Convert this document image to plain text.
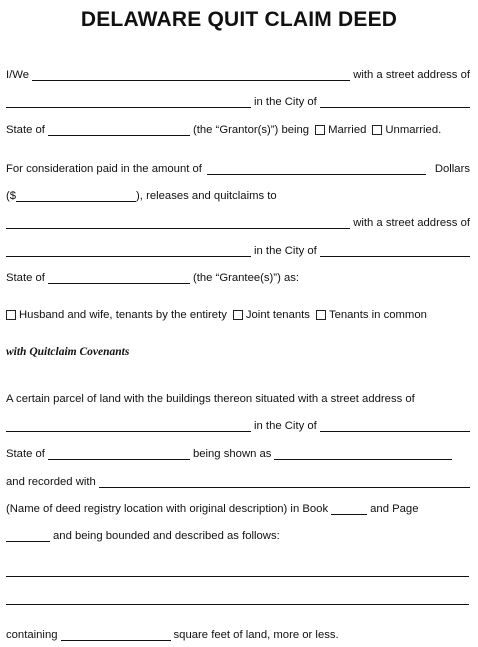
DELAWARE QUIT CLAIM DEED
I/We	with a street address of
in the City of
State of	(the “Grantor(s)”) being Married Unmarried.
For consideration paid in the amount of	Dollars
($	), releases and quitclaims to
with a street address of
in the City of
State of	(the “Grantee(s)”) as:
Husband and wife, tenants by the entirety Joint tenants Tenants in common
with Quitclaim Covenants
A certain parcel of land with the buildings thereon situated with a street address of
in the City of
State of	being shown as
and recorded with
(Name of deed registry location with original description) in Book	and Page
and being bounded and described as follows:
containing	square feet of land, more or less.
